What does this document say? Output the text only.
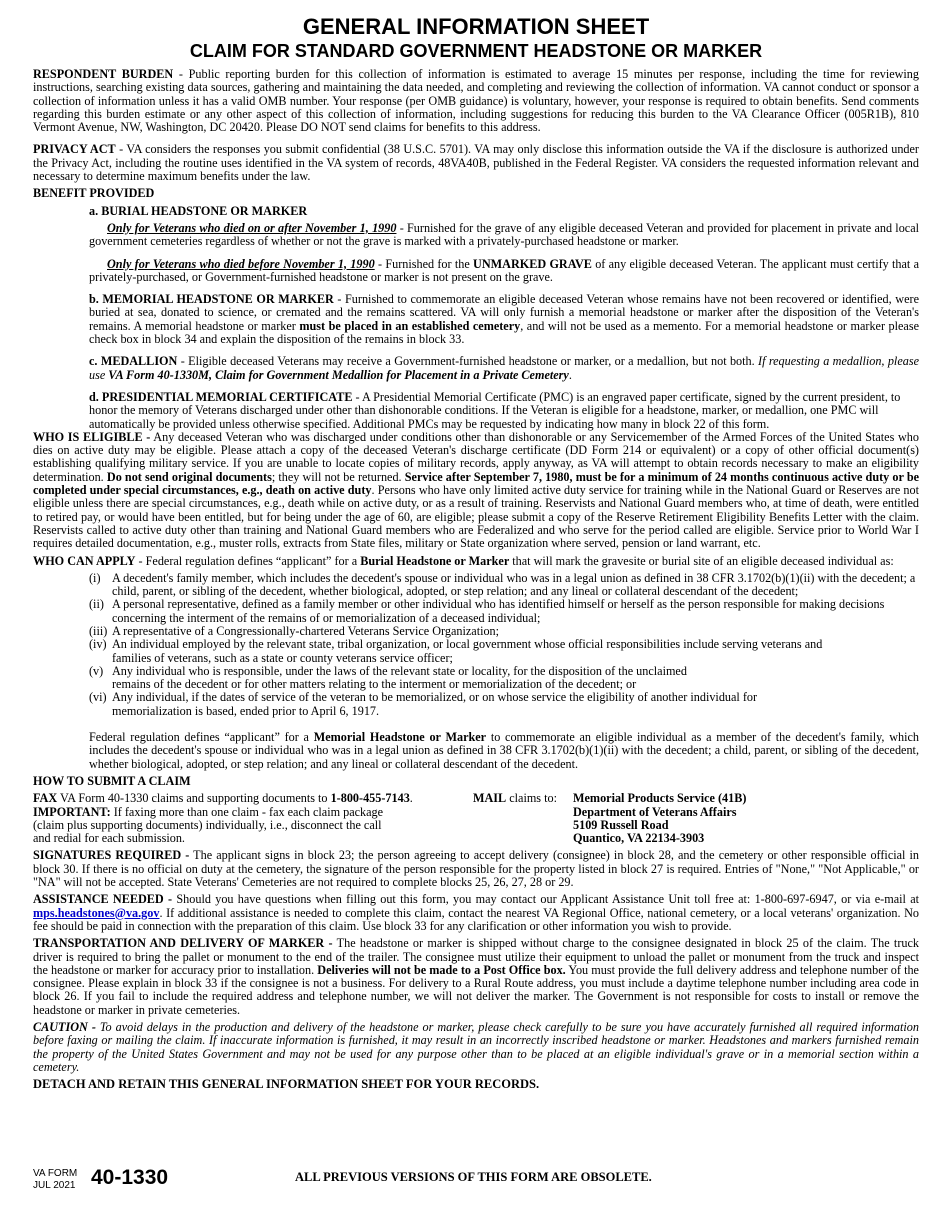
GENERAL INFORMATION SHEET
CLAIM FOR STANDARD GOVERNMENT HEADSTONE OR MARKER

RESPONDENT BURDEN - Public reporting burden for this collection of information is estimated to average 15 minutes per response, including the time for reviewing instructions, searching existing data sources, gathering and maintaining the data needed, and completing and reviewing the collection of information. VA cannot conduct or sponsor a collection of information unless it has a valid OMB number. Your response (per OMB guidance) is voluntary, however, your response is required to obtain benefits. Send comments regarding this burden estimate or any other aspect of this collection of information, including suggestions for reducing this burden to the VA Clearance Officer (005R1B), 810 Vermont Avenue, NW, Washington, DC 20420. Please DO NOT send claims for benefits to this address.

PRIVACY ACT - VA considers the responses you submit confidential (38 U.S.C. 5701). VA may only disclose this information outside the VA if the disclosure is authorized under the Privacy Act, including the routine uses identified in the VA system of records, 48VA40B, published in the Federal Register. VA considers the requested information relevant and necessary to determine maximum benefits under the law.

BENEFIT PROVIDED

a. BURIAL HEADSTONE OR MARKER

Only for Veterans who died on or after November 1, 1990 - Furnished for the grave of any eligible deceased Veteran and provided for placement in private and local government cemeteries regardless of whether or not the grave is marked with a privately-purchased headstone or marker.

Only for Veterans who died before November 1, 1990 - Furnished for the UNMARKED GRAVE of any eligible deceased Veteran. The applicant must certify that a privately-purchased, or Government-furnished headstone or marker is not present on the grave.

b. MEMORIAL HEADSTONE OR MARKER - Furnished to commemorate an eligible deceased Veteran whose remains have not been recovered or identified, were buried at sea, donated to science, or cremated and the remains scattered. VA will only furnish a memorial headstone or marker after the disposition of the Veteran's remains. A memorial headstone or marker must be placed in an established cemetery, and will not be used as a memento. For a memorial headstone or marker please check box in block 34 and explain the disposition of the remains in block 33.

c. MEDALLION - Eligible deceased Veterans may receive a Government-furnished headstone or marker, or a medallion, but not both. If requesting a medallion, please use VA Form 40-1330M, Claim for Government Medallion for Placement in a Private Cemetery.

d. PRESIDENTIAL MEMORIAL CERTIFICATE - A Presidential Memorial Certificate (PMC) is an engraved paper certificate, signed by the current president, to honor the memory of Veterans discharged under other than dishonorable conditions. If the Veteran is eligible for a headstone, marker, or medallion, one PMC will automatically be provided unless otherwise specified. Additional PMCs may be requested by indicating how many in block 22 of this form.

WHO IS ELIGIBLE - Any deceased Veteran who was discharged under conditions other than dishonorable or any Servicemember of the Armed Forces of the United States who dies on active duty may be eligible. Please attach a copy of the deceased Veteran's discharge certificate (DD Form 214 or equivalent) or a copy of other official document(s) establishing qualifying military service. If you are unable to locate copies of military records, apply anyway, as VA will attempt to obtain records necessary to make an eligibility determination. Do not send original documents; they will not be returned. Service after September 7, 1980, must be for a minimum of 24 months continuous active duty or be completed under special circumstances, e.g., death on active duty. Persons who have only limited active duty service for training while in the National Guard or Reserves are not eligible unless there are special circumstances, e.g., death while on active duty, or as a result of training. Reservists and National Guard members who, at time of death, were entitled to retired pay, or would have been entitled, but for being under the age of 60, are eligible; please submit a copy of the Reserve Retirement Eligibility Benefits Letter with the claim. Reservists called to active duty other than training and National Guard members who are Federalized and who serve for the period called are eligible. Service prior to World War I requires detailed documentation, e.g., muster rolls, extracts from State files, military or State organization where served, pension or land warrant, etc.

WHO CAN APPLY - Federal regulation defines “applicant” for a Burial Headstone or Marker that will mark the gravesite or burial site of an eligible deceased individual as:

(i) A decedent's family member, which includes the decedent's spouse or individual who was in a legal union as defined in 38 CFR 3.1702(b)(1)(ii) with the decedent; a child, parent, or sibling of the decedent, whether biological, adopted, or step relation; and any lineal or collateral descendant of the decedent;
(ii) A personal representative, defined as a family member or other individual who has identified himself or herself as the person responsible for making decisions concerning the interment of the remains of or memorialization of a deceased individual;
(iii) A representative of a Congressionally-chartered Veterans Service Organization;
(iv) An individual employed by the relevant state, tribal organization, or local government whose official responsibilities include serving veterans and families of veterans, such as a state or county veterans service officer;
(v) Any individual who is responsible, under the laws of the relevant state or locality, for the disposition of the unclaimed remains of the decedent or for other matters relating to the interment or memorialization of the decedent; or
(vi) Any individual, if the dates of service of the veteran to be memorialized, or on whose service the eligibility of another individual for memorialization is based, ended prior to April 6, 1917.

Federal regulation defines “applicant” for a Memorial Headstone or Marker to commemorate an eligible individual as a member of the decedent's family, which includes the decedent's spouse or individual who was in a legal union as defined in 38 CFR 3.1702(b)(1)(ii) with the decedent; a child, parent, or sibling of the decedent, whether biological, adopted, or step relation; and any lineal or collateral descendant of the decedent.

HOW TO SUBMIT A CLAIM

FAX VA Form 40-1330 claims and supporting documents to 1-800-455-7143.
IMPORTANT: If faxing more than one claim - fax each claim package (claim plus supporting documents) individually, i.e., disconnect the call and redial for each submission.
MAIL claims to:	Memorial Products Service (41B)
Department of Veterans Affairs
5109 Russell Road
Quantico, VA 22134-3903

SIGNATURES REQUIRED - The applicant signs in block 23; the person agreeing to accept delivery (consignee) in block 28, and the cemetery or other responsible official in block 30. If there is no official on duty at the cemetery, the signature of the person responsible for the property listed in block 27 is required. Entries of "None," "Not Applicable," or "NA" will not be accepted. State Veterans' Cemeteries are not required to complete blocks 25, 26, 27, 28 or 29.

ASSISTANCE NEEDED - Should you have questions when filling out this form, you may contact our Applicant Assistance Unit toll free at: 1-800-697-6947, or via e-mail at mps.headstones@va.gov. If additional assistance is needed to complete this claim, contact the nearest VA Regional Office, national cemetery, or a local veterans' organization. No fee should be paid in connection with the preparation of this claim. Use block 33 for any clarification or other information you wish to provide.

TRANSPORTATION AND DELIVERY OF MARKER - The headstone or marker is shipped without charge to the consignee designated in block 25 of the claim. The truck driver is required to bring the pallet or monument to the end of the trailer. The consignee must utilize their equipment to unload the pallet or monument from the truck and inspect the headstone or marker for accuracy prior to installation. Deliveries will not be made to a Post Office box. You must provide the full delivery address and telephone number of the consignee. Please explain in block 33 if the consignee is not a business. For delivery to a Rural Route address, you must include a daytime telephone number including area code in block 26. If you fail to include the required address and telephone number, we will not deliver the marker. The Government is not responsible for costs to install or remove the headstone or marker in private cemeteries.

CAUTION - To avoid delays in the production and delivery of the headstone or marker, please check carefully to be sure you have accurately furnished all required information before faxing or mailing the claim. If inaccurate information is furnished, it may result in an incorrectly inscribed headstone or marker. Headstones and markers furnished remain the property of the United States Government and may not be used for any purpose other than to be placed at an eligible individual's grave or in a memorial section within a cemetery.

DETACH AND RETAIN THIS GENERAL INFORMATION SHEET FOR YOUR RECORDS.

VA FORM
JUL 2021 40-1330	ALL PREVIOUS VERSIONS OF THIS FORM ARE OBSOLETE.
